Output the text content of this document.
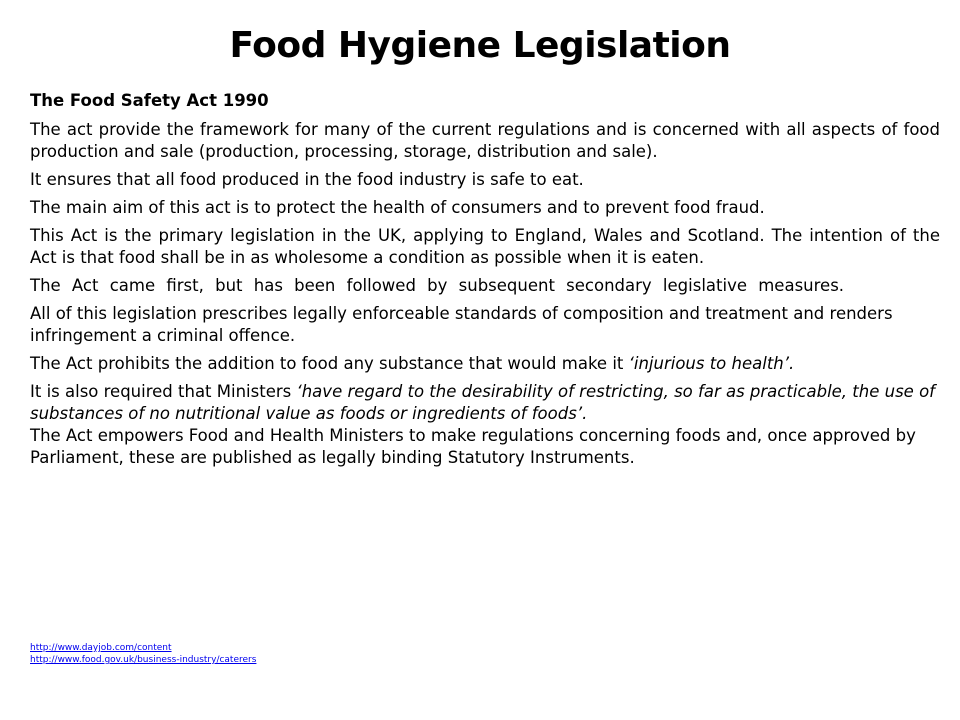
Food Hygiene Legislation

The Food Safety Act 1990

The act provide the framework for many of the current regulations and is concerned with all aspects of food production and sale (production, processing, storage, distribution and sale).

It ensures that all food produced in the food industry is safe to eat.

The main aim of this act is to protect the health of consumers and to prevent food fraud.

This Act is the primary legislation in the UK, applying to England, Wales and Scotland. The intention of the Act is that food shall be in as wholesome a condition as possible when it is eaten.

The Act came first, but has been followed by subsequent secondary legislative measures.

All of this legislation prescribes legally enforceable standards of composition and treatment and renders infringement a criminal offence.

The Act prohibits the addition to food any substance that would make it ‘injurious to health’.

It is also required that Ministers ‘have regard to the desirability of restricting, so far as practicable, the use of substances of no nutritional value as foods or ingredients of foods’.

The Act empowers Food and Health Ministers to make regulations concerning foods and, once approved by Parliament, these are published as legally binding Statutory Instruments.

http://www.dayjob.com/content
http://www.food.gov.uk/business-industry/caterers
